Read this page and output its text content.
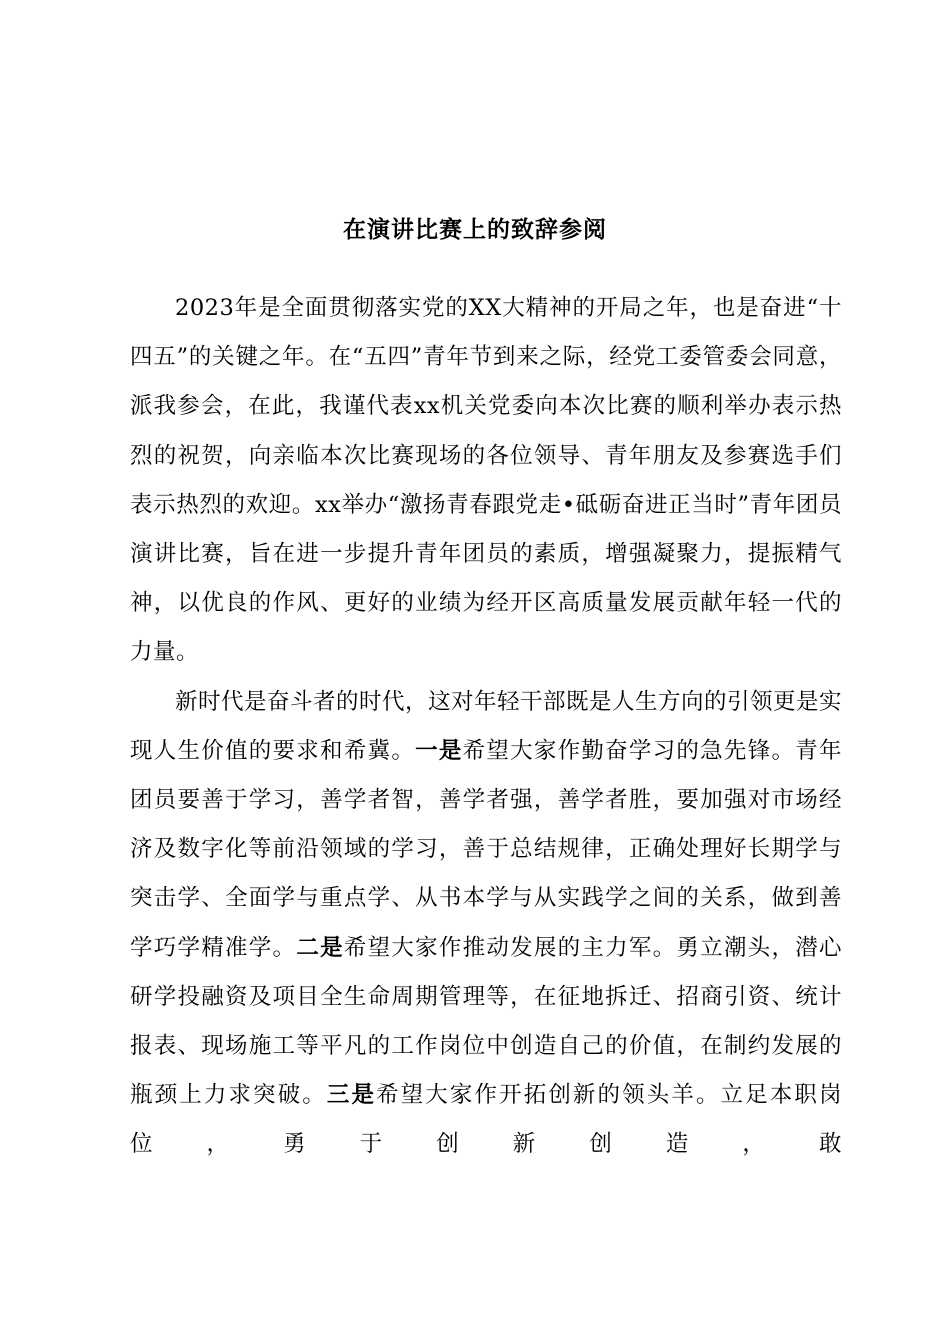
在演讲比赛上的致辞参阅

2023年是全面贯彻落实党的XX大精神的开局之年，也是奋进“十四五”的关键之年。在“五四”青年节到来之际，经党工委管委会同意，派我参会，在此，我谨代表xx机关党委向本次比赛的顺利举办表示热烈的祝贺，向亲临本次比赛现场的各位领导、青年朋友及参赛选手们表示热烈的欢迎。xx举办“激扬青春跟党走•砥砺奋进正当时”青年团员演讲比赛，旨在进一步提升青年团员的素质，增强凝聚力，提振精气神，以优良的作风、更好的业绩为经开区高质量发展贡献年轻一代的力量。

新时代是奋斗者的时代，这对年轻干部既是人生方向的引领更是实现人生价值的要求和希冀。一是希望大家作勤奋学习的急先锋。青年团员要善于学习，善学者智，善学者强，善学者胜，要加强对市场经济及数字化等前沿领域的学习，善于总结规律，正确处理好长期学与突击学、全面学与重点学、从书本学与从实践学之间的关系，做到善学巧学精准学。二是希望大家作推动发展的主力军。勇立潮头，潜心研学投融资及项目全生命周期管理等，在征地拆迁、招商引资、统计报表、现场施工等平凡的工作岗位中创造自己的价值，在制约发展的瓶颈上力求突破。三是希望大家作开拓创新的领头羊。立足本职岗位，勇于创新创造，敢
